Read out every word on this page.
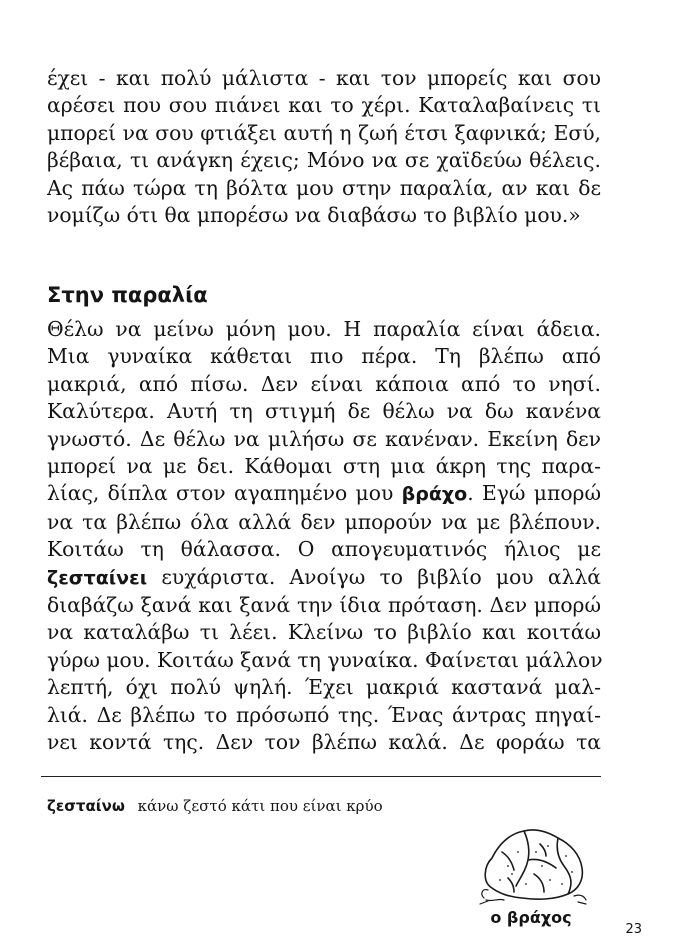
έχει - και πολύ μάλιστα - και τον μπορείς και σου
αρέσει που σου πιάνει και το χέρι. Καταλαβαίνεις τι
μπορεί να σου φτιάξει αυτή η ζωή έτσι ξαφνικά; Εσύ,
βέβαια, τι ανάγκη έχεις; Μόνο να σε χαϊδεύω θέλεις.
Ας πάω τώρα τη βόλτα μου στην παραλία, αν και δε
νομίζω ότι θα μπορέσω να διαβάσω το βιβλίο μου.»
Στην παραλία
Θέλω να μείνω μόνη μου. Η παραλία είναι άδεια.
Μια γυναίκα κάθεται πιο πέρα. Τη βλέπω από
μακριά, από πίσω. Δεν είναι κάποια από το νησί.
Καλύτερα. Αυτή τη στιγμή δε θέλω να δω κανένα
γνωστό. Δε θέλω να μιλήσω σε κανέναν. Εκείνη δεν
μπορεί να με δει. Κάθομαι στη μια άκρη της παρα-
λίας, δίπλα στον αγαπημένο μου βράχο. Εγώ μπορώ
να τα βλέπω όλα αλλά δεν μπορούν να με βλέπουν.
Κοιτάω τη θάλασσα. Ο απογευματινός ήλιος με
ζεσταίνει ευχάριστα. Ανοίγω το βιβλίο μου αλλά
διαβάζω ξανά και ξανά την ίδια πρόταση. Δεν μπορώ
να καταλάβω τι λέει. Κλείνω το βιβλίο και κοιτάω
γύρω μου. Κοιτάω ξανά τη γυναίκα. Φαίνεται μάλλον
λεπτή, όχι πολύ ψηλή. Έχει μακριά καστανά μαλ-
λιά. Δε βλέπω το πρόσωπό της. Ένας άντρας πηγαί-
νει κοντά της. Δεν τον βλέπω καλά. Δε φοράω τα
ζεσταίνω κάνω ζεστό κάτι που είναι κρύο
ο βράχος
23
